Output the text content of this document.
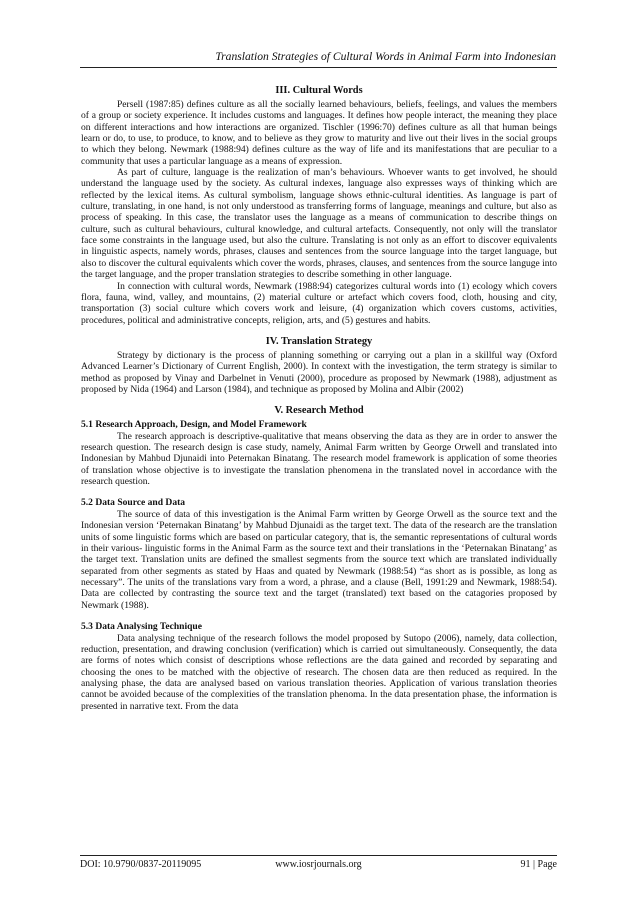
Translation Strategies of Cultural Words in Animal Farm into Indonesian
III. Cultural Words

Persell (1987:85) defines culture as all the socially learned behaviours, beliefs, feelings, and values the members of a group or society experience. It includes customs and languages. It defines how people interact, the meaning they place on different interactions and how interactions are organized. Tischler (1996:70) defines culture as all that human beings learn or do, to use, to produce, to know, and to believe as they grow to maturity and live out their lives in the social groups to which they belong. Newmark (1988:94) defines culture as the way of life and its manifestations that are peculiar to a community that uses a particular language as a means of expression.

As part of culture, language is the realization of man’s behaviours. Whoever wants to get involved, he should understand the language used by the society. As cultural indexes, language also expresses ways of thinking which are reflected by the lexical items. As cultural symbolism, language shows ethnic-cultural identities. As language is part of culture, translating, in one hand, is not only understood as transferring forms of language, meanings and culture, but also as process of speaking. In this case, the translator uses the language as a means of communication to describe things on culture, such as cultural behaviours, cultural knowledge, and cultural artefacts. Consequently, not only will the translator face some constraints in the language used, but also the culture. Translating is not only as an effort to discover equivalents in linguistic aspects, namely words, phrases, clauses and sentences from the source language into the target language, but also to discover the cultural equivalents which cover the words, phrases, clauses, and sentences from the source languge into the target language, and the proper translation strategies to describe something in other language.

In connection with cultural words, Newmark (1988:94) categorizes cultural words into (1) ecology which covers flora, fauna, wind, valley, and mountains, (2) material culture or artefact which covers food, cloth, housing and city, transportation (3) social culture which covers work and leisure, (4) organization which covers customs, activities, procedures, political and administrative concepts, religion, arts, and (5) gestures and habits.

IV. Translation Strategy

Strategy by dictionary is the process of planning something or carrying out a plan in a skillful way (Oxford Advanced Learner’s Dictionary of Current English, 2000). In context with the investigation, the term strategy is similar to method as proposed by Vinay and Darbelnet in Venuti (2000), procedure as proposed by Newmark (1988), adjustment as proposed by Nida (1964) and Larson (1984), and technique as proposed by Molina and Albir (2002)

V. Research Method
5.1 Research Approach, Design, and Model Framework

The research approach is descriptive-qualitative that means observing the data as they are in order to answer the research question. The research design is case study, namely, Animal Farm written by George Orwell and translated into Indonesian by Mahbud Djunaidi into Peternakan Binatang. The research model framework is application of some theories of translation whose objective is to investigate the translation phenomena in the translated novel in accordance with the research question.

5.2 Data Source and Data

The source of data of this investigation is the Animal Farm written by George Orwell as the source text and the Indonesian version ‘Peternakan Binatang’ by Mahbud Djunaidi as the target text. The data of the research are the translation units of some linguistic forms which are based on particular category, that is, the semantic representations of cultural words in their various- linguistic forms in the Animal Farm as the source text and their translations in the ‘Peternakan Binatang’ as the target text. Translation units are defined the smallest segments from the source text which are translated individually separated from other segments as stated by Haas and quated by Newmark (1988:54) “as short as is possible, as long as necessary”. The units of the translations vary from a word, a phrase, and a clause (Bell, 1991:29 and Newmark, 1988:54). Data are collected by contrasting the source text and the target (translated) text based on the catagories proposed by Newmark (1988).

5.3 Data Analysing Technique

Data analysing technique of the research follows the model proposed by Sutopo (2006), namely, data collection, reduction, presentation, and drawing conclusion (verification) which is carried out simultaneously. Consequently, the data are forms of notes which consist of descriptions whose reflections are the data gained and recorded by separating and choosing the ones to be matched with the objective of research. The chosen data are then reduced as required. In the analysing phase, the data are analysed based on various translation theories. Application of various translation theories cannot be avoided because of the complexities of the translation phenoma. In the data presentation phase, the information is presented in narrative text. From the data

DOI: 10.9790/0837-20119095	www.iosrjournals.org	91 | Page
